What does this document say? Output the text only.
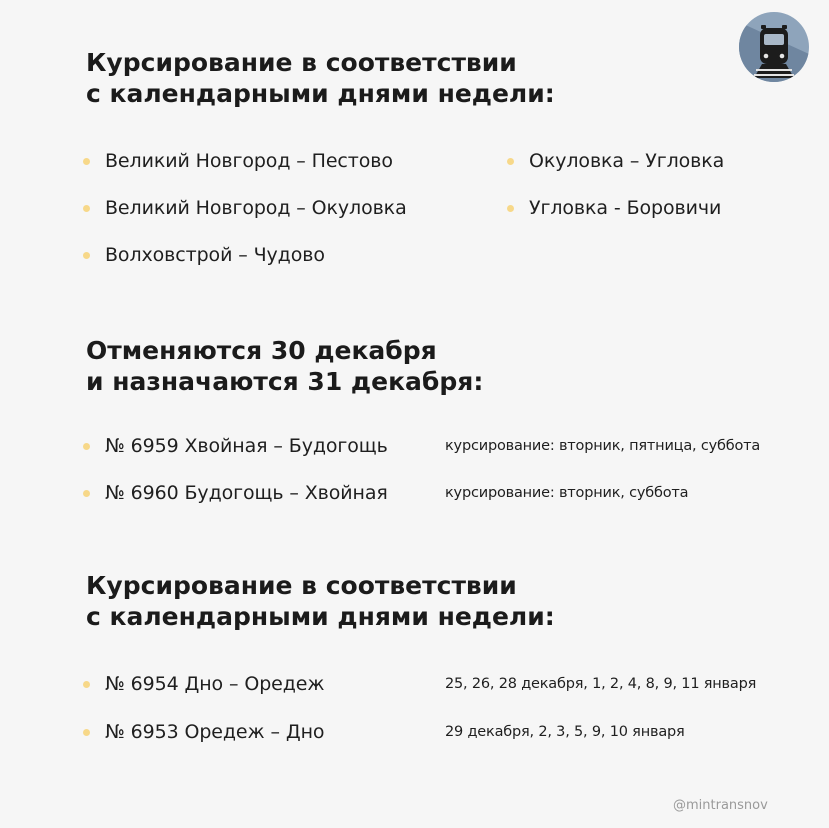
Курсирование в соответствии
с календарными днями недели:
Великий Новгород – Пестово
Великий Новгород – Окуловка
Волховстрой – Чудово
Окуловка – Угловка
Угловка - Боровичи
Отменяются 30 декабря
и назначаются 31 декабря:
№ 6959 Хвойная – Будогощь	курсирование: вторник, пятница, суббота
№ 6960 Будогощь – Хвойная	курсирование: вторник, суббота
Курсирование в соответствии
с календарными днями недели:
№ 6954 Дно – Оредеж	25, 26, 28 декабря, 1, 2, 4, 8, 9, 11 января
№ 6953 Оредеж – Дно	29 декабря, 2, 3, 5, 9, 10 января
@mintransnov
